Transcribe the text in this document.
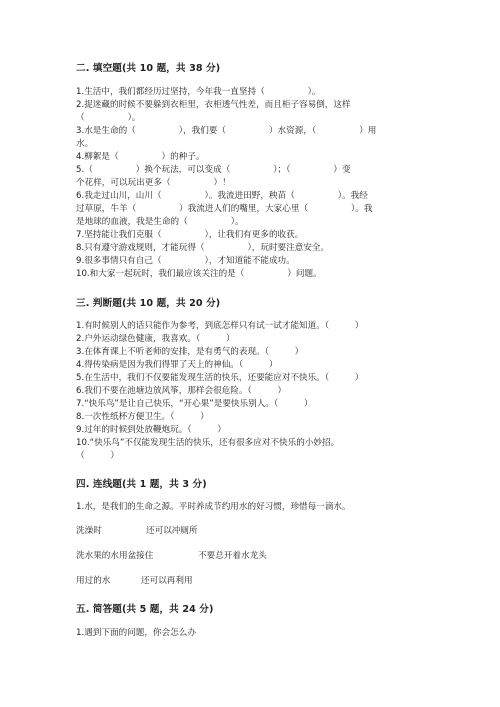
二. 填空题(共 10 题，共 38 分)
1.生活中，我们都经历过坚持，今年我一直坚持（　　　　　）。
2.捉迷藏的时候不要躲到衣柜里，衣柜透气性差，而且柜子容易倒，这样
（　　　　　）。
3.水是生命的（　　　　　），我们要（　　　　　）水资源，（　　　　　）用
水。
4.柳絮是（　　　　　）的种子。
5.（　　　　　）换个玩法，可以变成（　　　　　）；（　　　　　）变
个花样，可以玩出更多（　　　　　）！
6.我走过山川，山川（　　　　　）。我流进田野，秧苗（　　　　　）。我经
过草原，牛羊（　　　　　）我流进人们的嘴里，大家心里（　　　　　）。我
是地球的血液，我是生命的（　　　　　）。
7.坚持能让我们克服（　　　　　），让我们有更多的收获。
8.只有遵守游戏规则，才能玩得（　　　　　），玩时要注意安全。
9.很多事情只有自己（　　　　　），才知道能不能成功。
10.和大家一起玩时，我们最应该关注的是（　　　　　）问题。
三. 判断题(共 10 题，共 20 分)
1.有时候别人的话只能作为参考，到底怎样只有试一试才能知道。（　　　）
2.户外运动绿色健康，我喜欢。（　　　）
3.在体育课上不听老师的安排，是有勇气的表现。（　　　）
4.得传染病是因为我们得罪了天上的神仙。（　　　）
5.在生活中，我们不仅要能发现生活的快乐，还要能应对不快乐。（　　　）
6.我们不要在池塘边放风筝，那样会很危险。（　　　）
7.“快乐鸟”是让自己快乐，“开心果”是要快乐别人。（　　　）
8.一次性纸杯方便卫生。（　　　）
9.过年的时候到处放鞭炮玩。（　　　）
10.“快乐鸟”不仅能发现生活的快乐，还有很多应对不快乐的小妙招。
（　　　）
四. 连线题(共 1 题，共 3 分)
1.水，是我们的生命之源。平时养成节约用水的好习惯，珍惜每一滴水。
洗澡时	还可以冲厕所
洗水果的水用盆接住	不要总开着水龙头
用过的水	还可以再利用
五. 简答题(共 5 题，共 24 分)
1.遇到下面的问题，你会怎么办
